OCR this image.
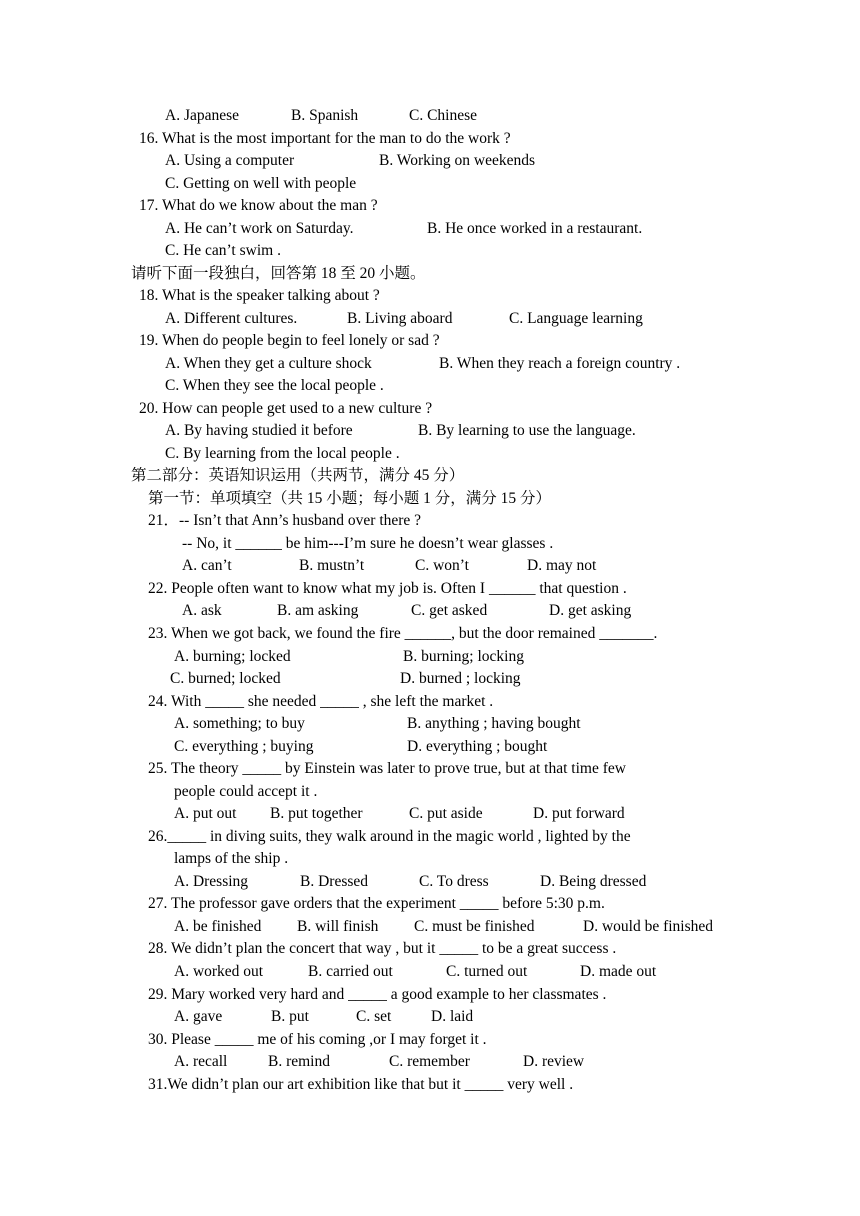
A. Japanese	B. Spanish	C. Chinese
16. What is the most important for the man to do the work ?
A. Using a computer	B. Working on weekends
C. Getting on well with people
17. What do we know about the man ?
A. He can’t work on Saturday.	B. He once worked in a restaurant.
C. He can’t swim .
请听下面一段独白，回答第 18 至 20 小题。
18. What is the speaker talking about ?
A. Different cultures.	B. Living aboard	C. Language learning
19. When do people begin to feel lonely or sad ?
A. When they get a culture shock	B. When they reach a foreign country .
C. When they see the local people .
20. How can people get used to a new culture ?
A. By having studied it before	B. By learning to use the language.
C. By learning from the local people .
第二部分：英语知识运用（共两节，满分 45 分）
第一节：单项填空（共 15 小题；每小题 1 分，满分 15 分）
21．-- Isn’t that Ann’s husband over there ?
-- No, it ______ be him---I’m sure he doesn’t wear glasses .
A. can’t	B. mustn’t	C. won’t	D. may not
22. People often want to know what my job is. Often I ______ that question .
A. ask	B. am asking	C. get asked	D. get asking
23. When we got back, we found the fire ______, but the door remained _______.
A. burning; locked	B. burning; locking
C. burned; locked	D. burned ; locking
24. With _____ she needed _____ , she left the market .
A. something; to buy	B. anything ; having bought
C. everything ; buying	D. everything ; bought
25. The theory _____ by Einstein was later to prove true, but at that time few
people could accept it .
A. put out B. put together	C. put aside	D. put forward
26._____ in diving suits, they walk around in the magic world , lighted by the
lamps of the ship .
A. Dressing	B. Dressed	C. To dress	D. Being dressed
27. The professor gave orders that the experiment _____ before 5:30 p.m.
A. be finished B. will finish C. must be finished	D. would be finished
28. We didn’t plan the concert that way , but it _____ to be a great success .
A. worked out	B. carried out	C. turned out	D. made out
29. Mary worked very hard and _____ a good example to her classmates .
A. gave	B. put	C. set	D. laid
30. Please _____ me of his coming ,or I may forget it .
A. recall	B. remind	C. remember	D. review
31.We didn’t plan our art exhibition like that but it _____ very well .
